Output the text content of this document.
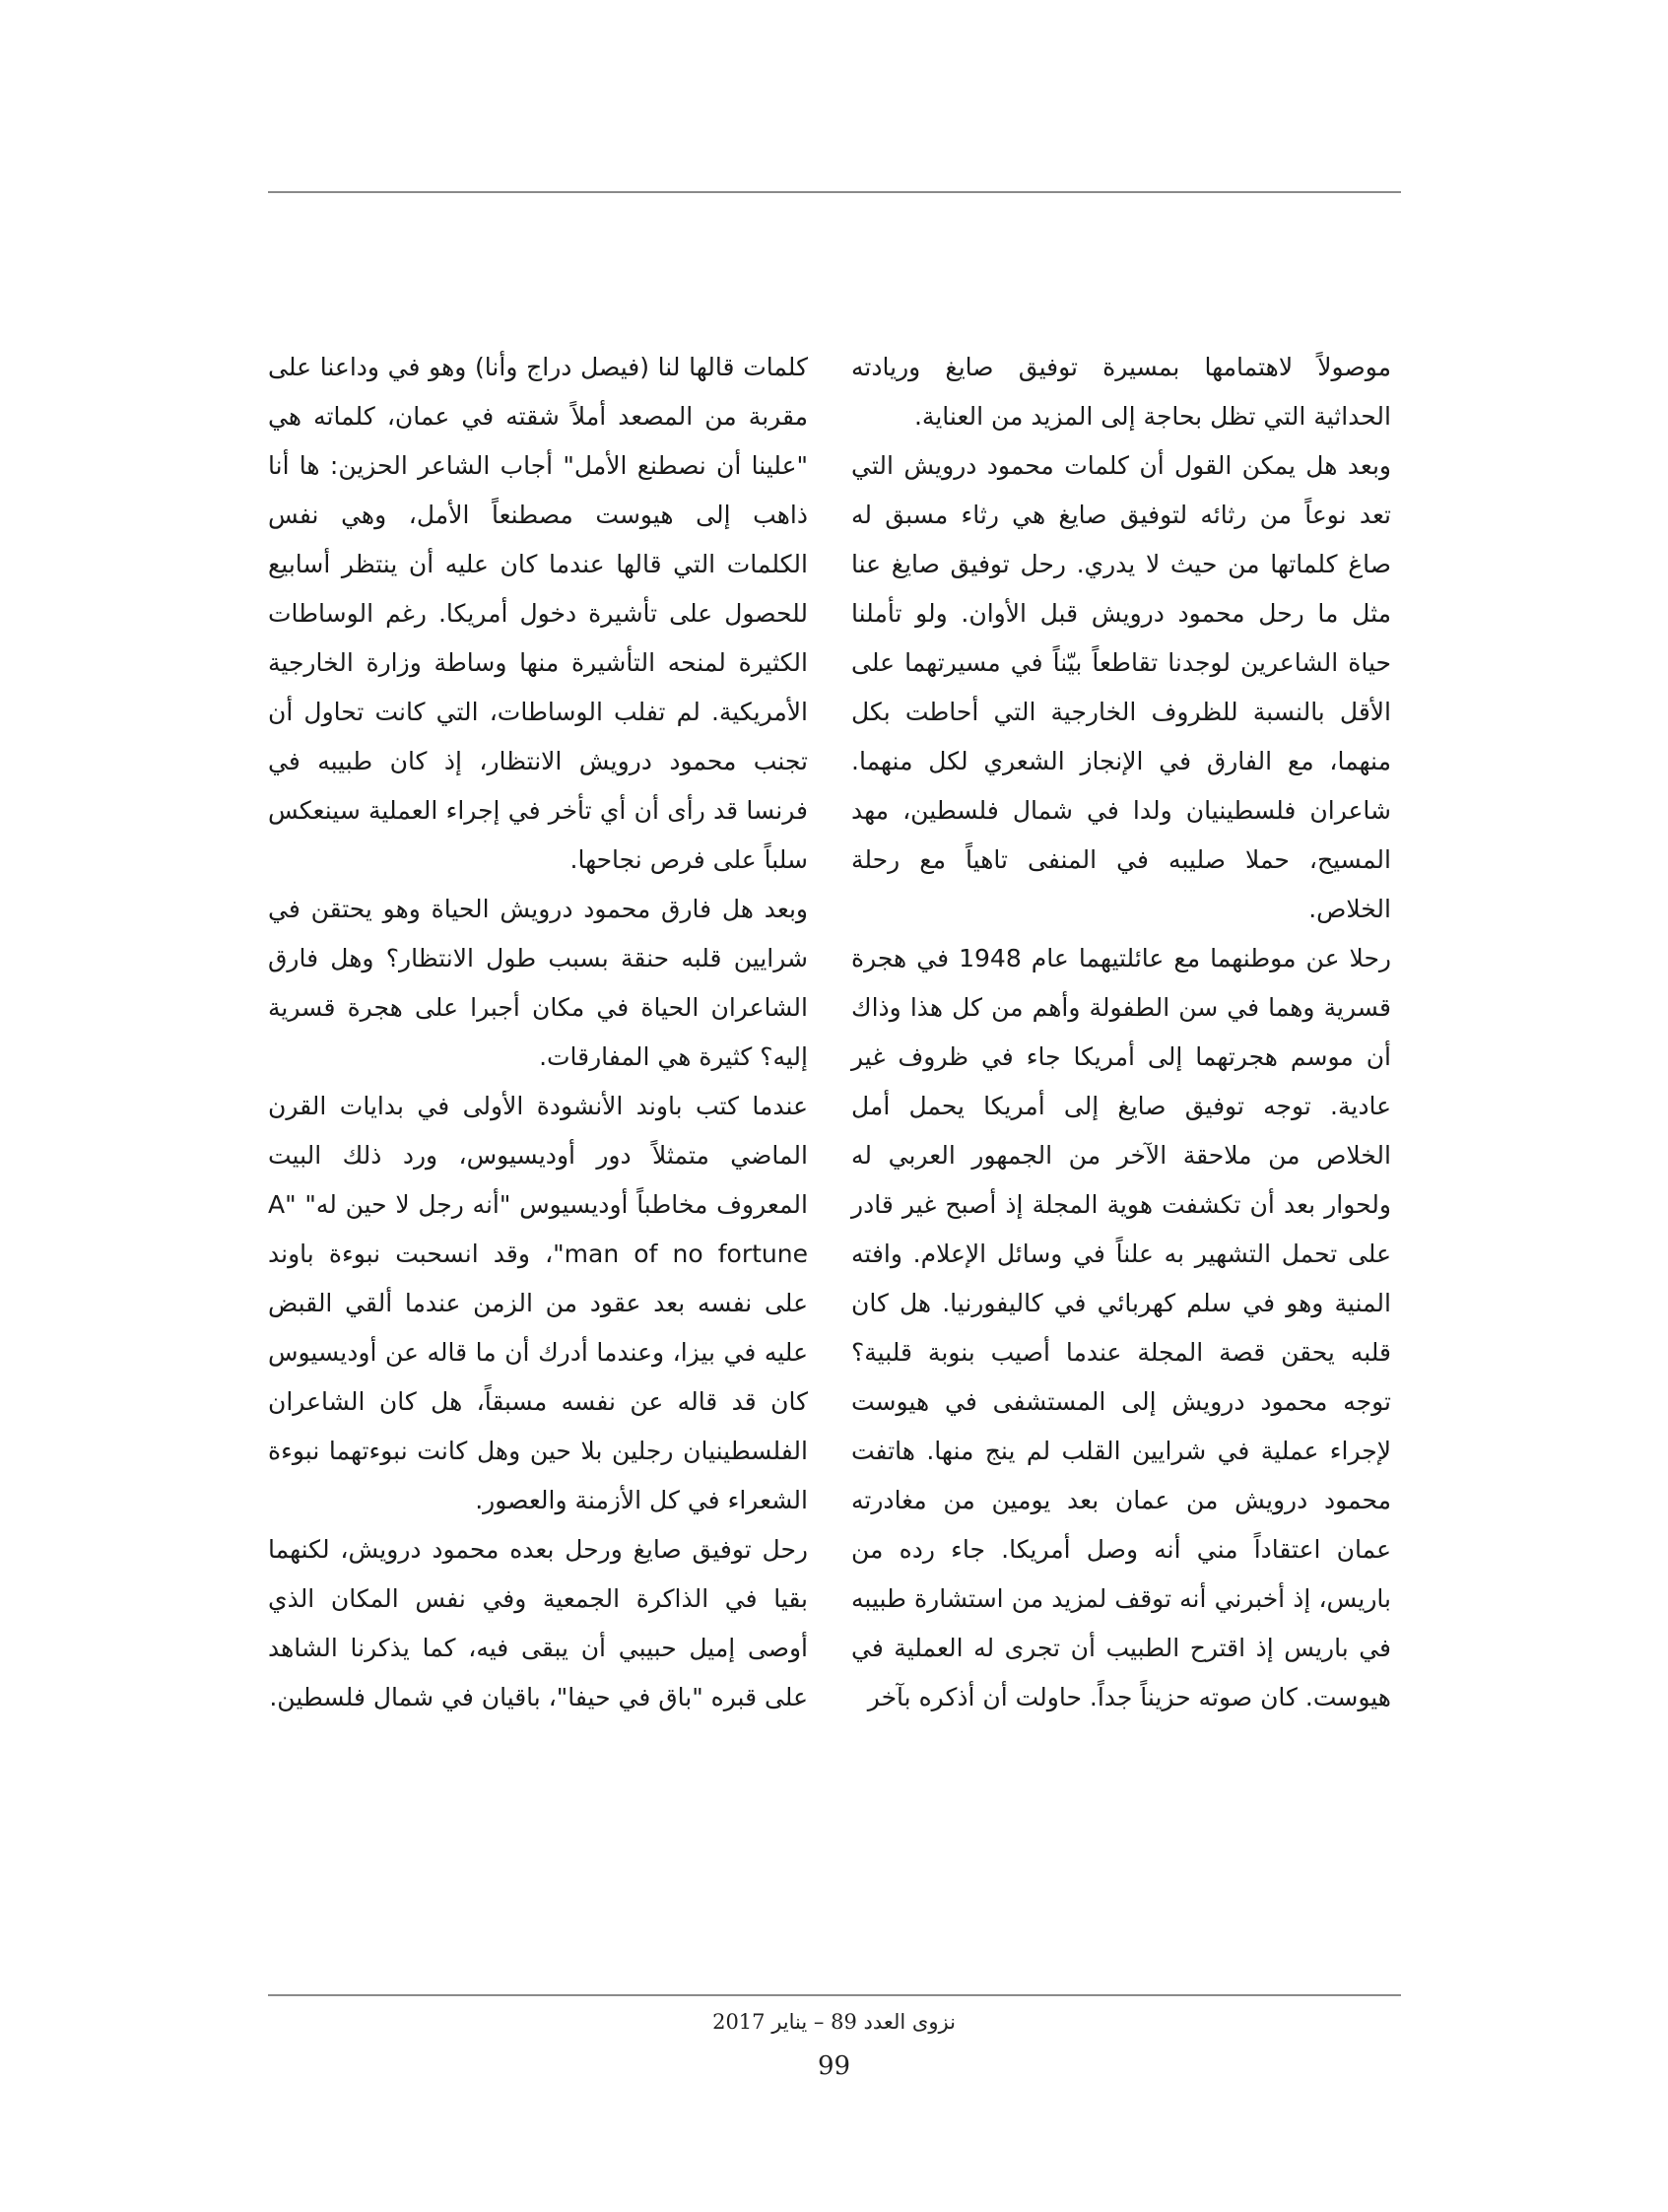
موصولاً لاهتمامها بمسيرة توفيق صايغ وريادته الحداثية التي تظل بحاجة إلى المزيد من العناية.

وبعد هل يمكن القول أن كلمات محمود درويش التي تعد نوعاً من رثائه لتوفيق صايغ هي رثاء مسبق له صاغ كلماتها من حيث لا يدري. رحل توفيق صايغ عنا مثل ما رحل محمود درويش قبل الأوان. ولو تأملنا حياة الشاعرين لوجدنا تقاطعاً بيّناً في مسيرتهما على الأقل بالنسبة للظروف الخارجية التي أحاطت بكل منهما، مع الفارق في الإنجاز الشعري لكل منهما. شاعران فلسطينيان ولدا في شمال فلسطين، مهد المسيح، حملا صليبه في المنفى تاهياً مع رحلة الخلاص.

رحلا عن موطنهما مع عائلتيهما عام 1948 في هجرة قسرية وهما في سن الطفولة وأهم من كل هذا وذاك أن موسم هجرتهما إلى أمريكا جاء في ظروف غير عادية. توجه توفيق صايغ إلى أمريكا يحمل أمل الخلاص من ملاحقة الآخر من الجمهور العربي له ولحوار بعد أن تكشفت هوية المجلة إذ أصبح غير قادر على تحمل التشهير به علناً في وسائل الإعلام. وافته المنية وهو في سلم كهربائي في كاليفورنيا. هل كان قلبه يحقن قصة المجلة عندما أصيب بنوبة قلبية؟ توجه محمود درويش إلى المستشفى في هيوست لإجراء عملية في شرايين القلب لم ينج منها. هاتفت محمود درويش من عمان بعد يومين من مغادرته عمان اعتقاداً مني أنه وصل أمريكا. جاء رده من باريس، إذ أخبرني أنه توقف لمزيد من استشارة طبيبه في باريس إذ اقترح الطبيب أن تجرى له العملية في هيوست. كان صوته حزيناً جداً. حاولت أن أذكره بآخر

كلمات قالها لنا (فيصل دراج وأنا) وهو في وداعنا على مقربة من المصعد أملاً شقته في عمان، كلماته هي "علينا أن نصطنع الأمل" أجاب الشاعر الحزين: ها أنا ذاهب إلى هيوست مصطنعاً الأمل، وهي نفس الكلمات التي قالها عندما كان عليه أن ينتظر أسابيع للحصول على تأشيرة دخول أمريكا. رغم الوساطات الكثيرة لمنحه التأشيرة منها وساطة وزارة الخارجية الأمريكية. لم تفلب الوساطات، التي كانت تحاول أن تجنب محمود درويش الانتظار، إذ كان طبيبه في فرنسا قد رأى أن أي تأخر في إجراء العملية سينعكس سلباً على فرص نجاحها.

وبعد هل فارق محمود درويش الحياة وهو يحتقن في شرايين قلبه حنقة بسبب طول الانتظار؟ وهل فارق الشاعران الحياة في مكان أجبرا على هجرة قسرية إليه؟ كثيرة هي المفارقات.

عندما كتب باوند الأنشودة الأولى في بدايات القرن الماضي متمثلاً دور أوديسيوس، ورد ذلك البيت المعروف مخاطباً أوديسيوس "أنه رجل لا حين له" "A man of no fortune"، وقد انسحبت نبوءة باوند على نفسه بعد عقود من الزمن عندما ألقي القبض عليه في بيزا، وعندما أدرك أن ما قاله عن أوديسيوس كان قد قاله عن نفسه مسبقاً، هل كان الشاعران الفلسطينيان رجلين بلا حين وهل كانت نبوءتهما نبوءة الشعراء في كل الأزمنة والعصور.

رحل توفيق صايغ ورحل بعده محمود درويش، لكنهما بقيا في الذاكرة الجمعية وفي نفس المكان الذي أوصى إميل حبيبي أن يبقى فيه، كما يذكرنا الشاهد على قبره "باق في حيفا"، باقيان في شمال فلسطين.

نزوى العدد 89 – يناير 2017
99
